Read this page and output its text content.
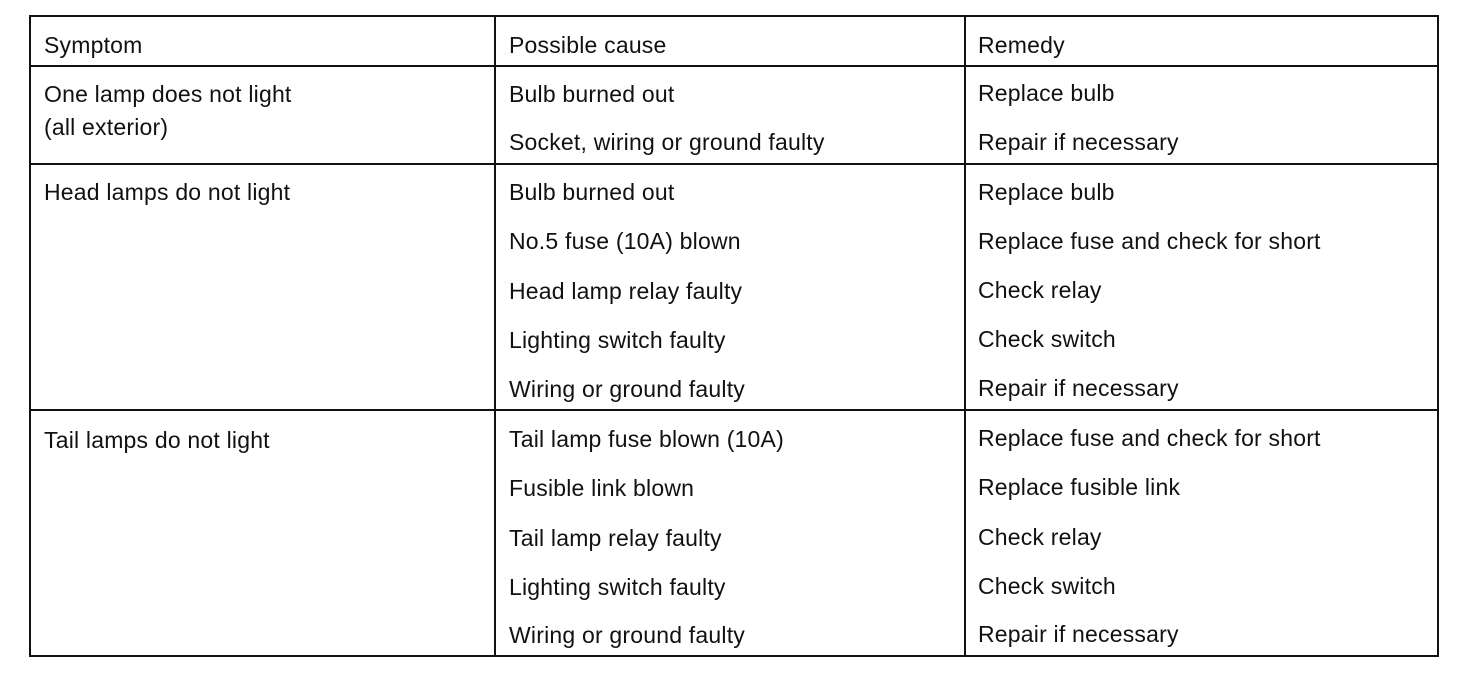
Symptom	Possible cause	Remedy
One lamp does not light
(all exterior)
Bulb burned out	Replace bulb
Socket, wiring or ground faulty	Repair if necessary
Head lamps do not light	Bulb burned out	Replace bulb
No.5 fuse (10A) blown	Replace fuse and check for short
Head lamp relay faulty	Check relay
Lighting switch faulty	Check switch
Wiring or ground faulty	Repair if necessary
Tail lamps do not light	Tail lamp fuse blown (10A)	Replace fuse and check for short
Fusible link blown	Replace fusible link
Tail lamp relay faulty	Check relay
Lighting switch faulty	Check switch
Wiring or ground faulty	Repair if necessary
